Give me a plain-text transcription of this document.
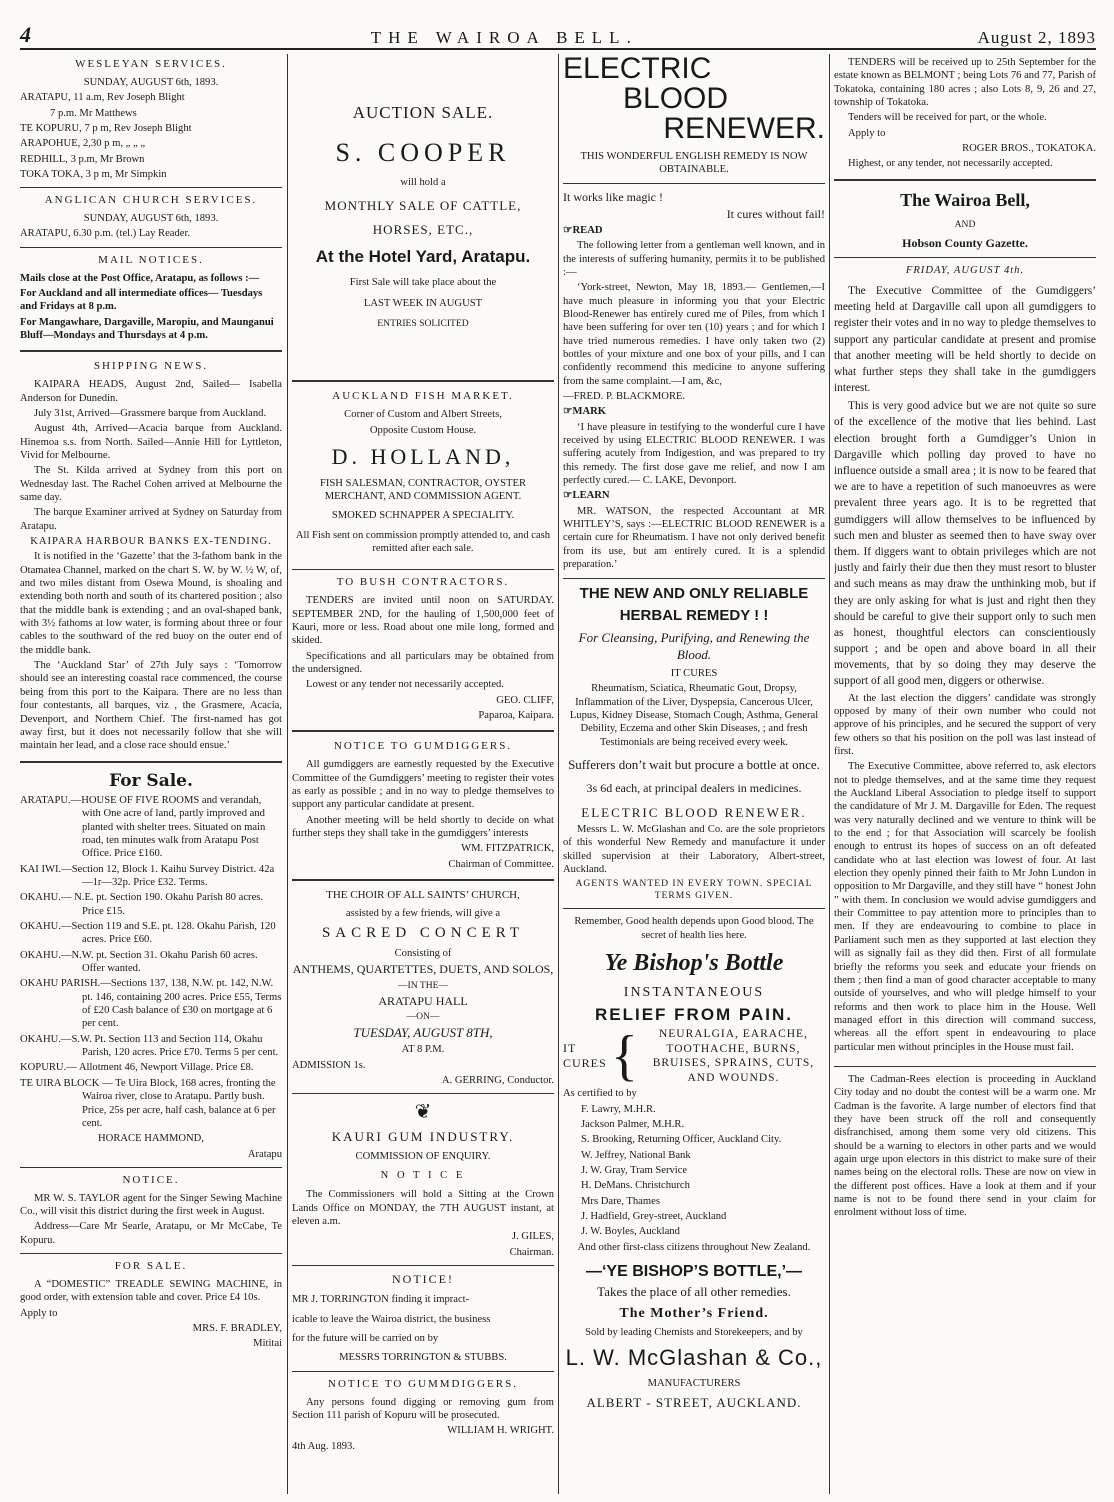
4	THE WAIROA BELL.	August 2, 1893
WESLEYAN SERVICES.

SUNDAY, AUGUST 6th, 1893.

ARATAPU, 11 a.m, Rev Joseph Blight

7 p.m. Mr Matthews

TE KOPURU, 7 p m, Rev Joseph Blight

ARAPOHUE, 2,30 p m, „ „ „

REDHILL, 3 p.m, Mr Brown

TOKA TOKA, 3 p m, Mr Simpkin

ANGLICAN CHURCH SERVICES.

SUNDAY, AUGUST 6th, 1893.

ARATAPU, 6.30 p.m. (tel.) Lay Reader.

MAIL NOTICES.

Mails close at the Post Office, Aratapu, as follows :—

For Auckland and all intermediate offices— Tuesdays and Fridays at 8 p.m.

For Mangawhare, Dargaville, Maropiu, and Maunganui Bluff—Mondays and Thursdays at 4 p.m.

SHIPPING NEWS.

KAIPARA HEADS, August 2nd, Sailed— Isabella Anderson for Dunedin.

July 31st, Arrived—Grassmere barque from Auckland.

August 4th, Arrived—Acacia barque from Auckland. Hinemoa s.s. from North. Sailed—Annie Hill for Lyttleton, Vivid for Melbourne.

The St. Kilda arrived at Sydney from this port on Wednesday last. The Rachel Cohen arrived at Melbourne the same day.

The barque Examiner arrived at Sydney on Saturday from Aratapu.

KAIPARA HARBOUR BANKS EX-TENDING.

It is notified in the ‘Gazette’ that the 3-fathom bank in the Otamatea Channel, marked on the chart S. W. by W. ½ W, of, and two miles distant from Osewa Mound, is shoaling and extending both north and south of its chartered position ; also that the middle bank is extending ; and an oval-shaped bank, with 3½ fathoms at low water, is forming about three or four cables to the southward of the red buoy on the outer end of the middle bank.

The ‘Auckland Star’ of 27th July says : ‘Tomorrow should see an interesting coastal race commenced, the course being from this port to the Kaipara. There are no less than four contestants, all barques, viz , the Grasmere, Acacia, Devenport, and Northern Chief. The first-named has got away first, but it does not necessarily follow that she will maintain her lead, and a close race should ensue.’

For Sale.

ARATAPU.—HOUSE OF FIVE ROOMS and verandah, with One acre of land, partly improved and planted with shelter trees. Situated on main road, ten minutes walk from Aratapu Post Office. Price £160.

KAI IWI.—Section 12, Block 1. Kaihu Survey District. 42a—1r—32p. Price £32. Terms.

OKAHU.— N.E. pt. Section 190. Okahu Parish 80 acres. Price £15.

OKAHU.—Section 119 and S.E. pt. 128. Okahu Parish, 120 acres. Price £60.

OKAHU.—N.W. pt. Section 31. Okahu Parish 60 acres. Offer wanted.

OKAHU PARISH.—Sections 137, 138, N.W. pt. 142, N.W. pt. 146, containing 200 acres. Price £55, Terms of £20 Cash balance of £30 on mortgage at 6 per cent.

OKAHU.—S.W. Pt. Section 113 and Section 114, Okahu Parish, 120 acres. Price £70. Terms 5 per cent.

KOPURU.— Allotment 46, Newport Village. Price £8.

TE UIRA BLOCK — Te Uira Block, 168 acres, fronting the Wairoa river, close to Aratapu. Partly bush. Price, 25s per acre, half cash, balance at 6 per cent.

HORACE HAMMOND,

Aratapu

NOTICE.

MR W. S. TAYLOR agent for the Singer Sewing Machine Co., will visit this district during the first week in August.

Address—Care Mr Searle, Aratapu, or Mr McCabe, Te Kopuru.

FOR SALE.

A “DOMESTIC” TREADLE SEWING MACHINE, in good order, with extension table and cover. Price £4 10s.

Apply to

MRS. F. BRADLEY,

Mititai

AUCTION SALE.
S. COOPER

will hold a

MONTHLY SALE OF CATTLE,

HORSES, ETC.,

At the Hotel Yard, Aratapu.

First Sale will take place about the

LAST WEEK IN AUGUST

ENTRIES SOLICITED

AUCKLAND FISH MARKET.

Corner of Custom and Albert Streets,

Opposite Custom House.

D. HOLLAND,

FISH SALESMAN, CONTRACTOR, OYSTER MERCHANT, AND COMMISSION AGENT.

SMOKED SCHNAPPER A SPECIALITY.

All Fish sent on commission promptly attended to, and cash remitted after each sale.

TO BUSH CONTRACTORS.

TENDERS are invited until noon on SATURDAY. SEPTEMBER 2ND, for the hauling of 1,500,000 feet of Kauri, more or less. Road about one mile long, formed and skided.

Specifications and all particulars may be obtained from the undersigned.

Lowest or any tender not necessarily accepted.

GEO. CLIFF,

Paparoa, Kaipara.

NOTICE TO GUMDIGGERS.

All gumdiggers are earnestly requested by the Executive Committee of the Gumdiggers’ meeting to register their votes as early as possible ; and in no way to pledge themselves to support any particular candidate at present.

Another meeting will be held shortly to decide on what further steps they shall take in the gumdiggers’ interests

WM. FITZPATRICK,

Chairman of Committee.

THE CHOIR OF ALL SAINTS’ CHURCH,

assisted by a few friends, will give a

SACRED CONCERT

Consisting of

ANTHEMS, QUARTETTES, DUETS, AND SOLOS,

—IN THE—

ARATAPU HALL

—ON—

TUESDAY, AUGUST 8TH,

AT 8 P.M.

ADMISSION 1s.

A. GERRING, Conductor.

❦
KAURI GUM INDUSTRY.

COMMISSION OF ENQUIRY.

N O T I C E

The Commissioners will hold a Sitting at the Crown Lands Office on MONDAY, the 7TH AUGUST instant, at eleven a.m.

J. GILES,

Chairman.

NOTICE!

MR J. TORRINGTON finding it impract-

icable to leave the Wairoa district, the business

for the future will be carried on by

MESSRS TORRINGTON & STUBBS.

NOTICE TO GUMMDIGGERS.

Any persons found digging or removing gum from Section 111 parish of Kopuru will be prosecuted.

WILLIAM H. WRIGHT.

4th Aug. 1893.

ELECTRIC
BLOOD
RENEWER.

THIS WONDERFUL ENGLISH REMEDY IS NOW OBTAINABLE.

It works like magic !

It cures without fail!

☞READ

The following letter from a gentleman well known, and in the interests of suffering humanity, permits it to be published :—

‘York-street, Newton, May 18, 1893.— Gentlemen,—I have much pleasure in informing you that your Electric Blood-Renewer has entirely cured me of Piles, from which I have been suffering for over ten (10) years ; and for which I have tried numerous remedies. I have only taken two (2) bottles of your mixture and one box of your pills, and I can confidently recommend this medicine to anyone suffering from the same complaint.—I am, &c,

—FRED. P. BLACKMORE.

☞MARK

‘I have pleasure in testifying to the wonderful cure I have received by using ELECTRIC BLOOD RENEWER. I was suffering acutely from Indigestion, and was prepared to try this remedy. The first dose gave me relief, and now I am perfectly cured.— C. LAKE, Devonport.

☞LEARN

MR. WATSON, the respected Accountant at MR WHITLEY’S, says :—ELECTRIC BLOOD RENEWER is a certain cure for Rheumatism. I have not only derived benefit from its use, but am entirely cured. It is a splendid preparation.’

THE NEW AND ONLY RELIABLE

HERBAL REMEDY ! !

For Cleansing, Purifying, and Renewing the Blood.

IT CURES

Rheumatism, Sciatica, Rheumatic Gout, Dropsy, Inflammation of the Liver, Dyspepsia, Cancerous Ulcer, Lupus, Kidney Disease, Stomach Cough, Asthma, General Debility, Eczema and other Skin Diseases, ; and fresh Testimonials are being received every week.

Sufferers don’t wait but procure a bottle at once.

3s 6d each, at principal dealers in medicines.

ELECTRIC BLOOD RENEWER.

Messrs L. W. McGlashan and Co. are the sole proprietors of this wonderful New Remedy and manufacture it under skilled supervision at their Laboratory, Albert-street, Auckland.

AGENTS WANTED IN EVERY TOWN. SPECIAL TERMS GIVEN.

Remember, Good health depends upon Good blood. The secret of health lies here.

Ye Bishop's Bottle

INSTANTANEOUS

RELIEF FROM PAIN.

IT
CURES {	NEURALGIA, EARACHE, TOOTHACHE, BURNS, BRUISES, SPRAINS, CUTS, AND WOUNDS.

As certified to by

F. Lawry, M.H.R.

Jackson Palmer, M.H.R.

S. Brooking, Returning Officer, Auckland City.

W. Jeffrey, National Bank

J. W. Gray, Tram Service

H. DeMans. Christchurch

Mrs Dare, Thames

J. Hadfield, Grey-street, Auckland

J. W. Boyles, Auckland

And other first-class citizens throughout New Zealand.

—‘YE BISHOP’S BOTTLE,’—

Takes the place of all other remedies.

The Mother’s Friend.

Sold by leading Chemists and Storekeepers, and by

L. W. McGlashan & Co.,

MANUFACTURERS

ALBERT - STREET, AUCKLAND.

TENDERS will be received up to 25th September for the estate known as BELMONT ; being Lots 76 and 77, Parish of Tokatoka, containing 180 acres ; also Lots 8, 9, 26 and 27, township of Tokatoka.

Tenders will be received for part, or the whole.

Apply to

ROGER BROS., TOKATOKA.

Highest, or any tender, not necessarily accepted.

The Wairoa Bell,

AND

Hobson County Gazette.

FRIDAY, AUGUST 4th.

The Executive Committee of the Gumdiggers’ meeting held at Dargaville call upon all gumdiggers to register their votes and in no way to pledge themselves to support any particular candidate at present and promise that another meeting will be held shortly to decide on what further steps they shall take in the gumdiggers interest.

This is very good advice but we are not quite so sure of the excellence of the motive that lies behind. Last election brought forth a Gumdigger’s Union in Dargaville which polling day proved to have no influence outside a small area ; it is now to be feared that we are to have a repetition of such manoeuvres as were prevalent three years ago. It is to be regretted that gumdiggers will allow themselves to be influenced by such men and bluster as seemed then to have sway over them. If diggers want to obtain privileges which are not justly and fairly their due then they must resort to bluster and such means as may draw the unthinking mob, but if they are only asking for what is just and right then they should be careful to give their support only to such men as honest, thoughtful electors can conscientiously support ; and be open and above board in all their movements, that by so doing they may deserve the support of all good men, diggers or otherwise.

At the last election the diggers’ candidate was strongly opposed by many of their own number who could not approve of his principles, and he secured the support of very few others so that his position on the poll was last instead of first.

The Executive Committee, above referred to, ask electors not to pledge themselves, and at the same time they request the Auckland Liberal Association to pledge itself to support the candidature of Mr J. M. Dargaville for Eden. The request was very naturally declined and we venture to think will be to the end ; for that Association will scarcely be foolish enough to entrust its hopes of success on an oft defeated candidate who at last election was lowest of four. At last election they openly pinned their faith to Mr John Lundon in opposition to Mr Dargaville, and they still have “ honest John ” with them. In conclusion we would advise gumdiggers and their Committee to pay attention more to principles than to men. If they are endeavouring to combine to place in Parliament such men as they supported at last election they will as signally fail as they did then. First of all formulate briefly the reforms you seek and educate your friends on them ; then find a man of good character acceptable to many outside of yourselves, and who will pledge himself to your reforms and then work to place him in the House. Well managed effort in this direction will command success, whereas all the effort spent in endeavouring to place particular men without principles in the House must fail.

The Cadman-Rees election is proceeding in Auckland City today and no doubt the contest will be a warm one. Mr Cadman is the favorite. A large number of electors find that they have been struck off the roll and consequently disfranchised, among them some very old citizens. This should be a warning to electors in other parts and we would again urge upon electors in this district to make sure of their names being on the electoral rolls. These are now on view in the different post offices. Have a look at them and if your name is not to be found there send in your claim for enrolment without loss of time.
